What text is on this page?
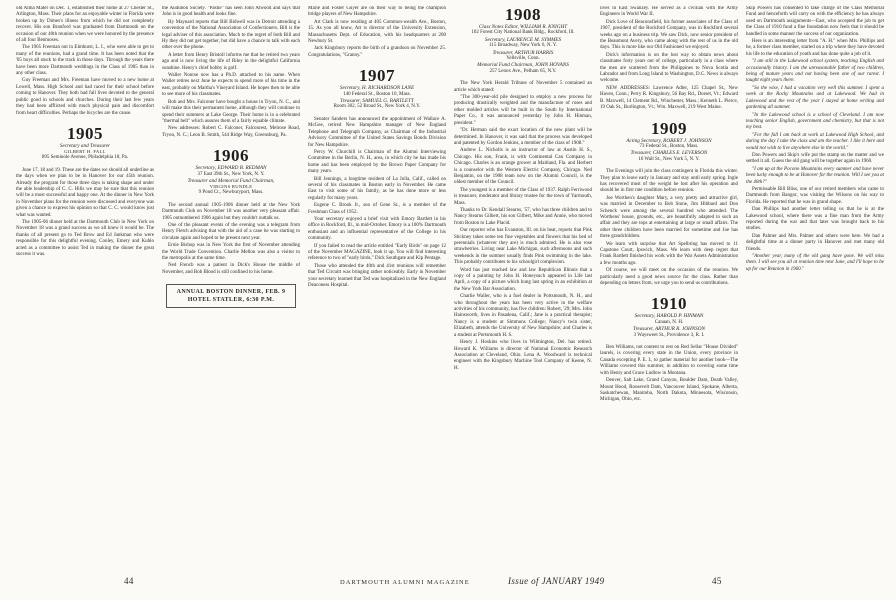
old Alma Mater on Dec. 1, established their home at 27 Chester St., Arlington, Mass. Their plans for an enjoyable winter in Florida were broken up by Dimes's illness from which he did not completely recover. His son Branford was graduated from Dartmouth on the occasion of our 40th reunion when we were honored by the presence of all four Benmoses.

The 1905 Freeman out in Elmhurst, L. I., who were able to get to many of the reunions, had a grand time. It has been noted that the '05 boys all stuck to the track in those days. Through the years there have been more Dartmouth weddings in the Class of 1905 than in any other class.

Guy Freeman and Mrs. Freeman have moved to a new home at Lowell, Mass. High School and had raced for their school before coming to Hanover. They both had fall lives devoted to the general public good in schools and churches. During their last few years they had been afflicted with much physical pain and discomfort from heart difficulties. Perhaps the bicycles are the cause.

1905
Secretary and Treasurer
GILBERT H. FALL
895 Seminole Avenue, Philadelphia 18, Pa.

June 17, 18 and 19. These are the dates we should all underline as the days when we plan to be in Hanover for our 45th reunion. Already the program for those three days is taking shape and under the able leadership of C. C. Hills we may be sure that this reunion will be a most successful and happy one. At the dinner in New York in November plans for the reunion were discussed and everyone was given a chance to express his opinion so that C. C. would know just what was wanted.

The 1905-06 dinner held at the Dartmouth Club in New York on November 18 was a grand success as we all knew it would be. The thanks of all present go to Ted Brow and Ed Jankman who were responsible for this delightful evening. Conley, Emery and Kuhlo acted as a committee to assist Ted in making the dinner the great success it was.

the Audubon Society. "Pastie" has seen John Atwood and says that John is in good health and looks fine.

Hy Maynard reports that Bill Bidwell was in Detroit attending a convention of the National Association of Confectioners. Bill is the legal adviser of this association. Much to the regret of both Bill and Hy they did not get together, but did have a chance to talk with each other over the phone.

A letter from Henry Bristoll informs me that he retired two years ago and is now living the life of Riley in the delightful California sunshine. Henry's chief hobby is golf.

Waller Nourse now has a Ph.D. attached to his name. When Waller retires next June he expects to spend more of his time in the east, probably on Martha's Vineyard Island. He hopes then to be able to see more of his classmates.

Bob and Mrs. Falconer have bought a house in Tryon, N. C., and will make this their permanent home, although they will continue to spend their summers at Lake George. Their home is in a celebrated "thermal belt" which assures them of a fairly equable climate.

New addresses: Robert C. Falconer, Falconrest, Melrose Road, Tryon, N. C.; Leon B. Smith, 544 Ridge Way, Greensburg, Pa.

1906
Secretary, EDWARD B. REDMAN
37 East 39th St., New York, N. Y.
Treasurer and Memorial Fund Chairman,
VIRGINS RUNDLE
9 Pond Ct., Newburyport, Mass.

The second annual 1905-1906 dinner held at the New York Dartmouth Club on November 18 was another very pleasant affair. 1905 outnumbered 1906 again but they couldn't outtalk us.

One of the pleasant events of the evening was a telegram from Henry Fletch advising that with the aid of a cane he was starting to circulate again and hoped to be present next year.

Ernie Bishop was in New York the first of November attending the World Trade Convention. Charlie Mellon was also a visitor to the metropolis at the same time.

Ned French was a patient in Dick's House the middle of November, and Bob Blood is still confined to his home.

ANNUAL BOSTON DINNER, FEB. 9
HOTEL STATLER, 6:30 P.M.

Marie and Foster Guyer are on their way to being the champion bridge players of New Hampshire.

Art Clark is now residing at 405 Common-wealth Ave., Boston, 15. As you all know, Art is director of the University Extension, Massachusetts Dept. of Education, with his headquarters at 200 Newbury St.

Jack Kingsbury reports the birth of a grandson on November 25. Congratulations, "Granny."

1907
Secretary, H. RICHARDSON LANE
140 Federal St., Boston 10, Mass.
Treasurer, SAMUEL G. BARTLETT
Room 302, 52 Broad St., New York 4, N.Y.

Senator Sanders has announced the appointment of Wallace A. McGee, retired New Hampshire manager of New England Telephone and Telegraph Company, as Chairman of the Industrial Advisory Committee of the United States Savings Bonds Division for New Hampshire.

Percy W. Churchill is Chairman of the Alumni Interviewing Committee in the Berlin, N. H., area, in which city he has made his home and has been employed by the Brown Paper Company for many years.

Bill Jennings, a longtime resident of La Jolla, Calif., called on several of his classmates in Boston early in November. He came East to visit some of his family, as he has done more or less regularly for many years.

Eugene C. Brook Jr., son of Gene Sr., is a member of the Freshman Class of 1952.

Your secretary enjoyed a brief visit with Emory Bartlett in his office in Rockford, Ill., in mid-October. Emory is a 100% Dartmouth enthusiast and an influential representative of the College in his community.

If you failed to read the article entitled "Early Birds" on page 12 of the November MAGAZINE, look it up. You will find interesting reference to two of "early birds," Dick Southgate and Kip Pentage.

Those who attended the 40th and 41st reunions will remember that Ted Circuitt was bringing rather noticeably. Early in November your secretary learned that Ted was hospitalized in the New England Deaconess Hospital.

1908
Class Notes Editor, WILLIAM R. KNIGHT
102 Forest City National Bank Bldg., Rockford, Ill.
Secretary, LAURENCE M. SYMMES
115 Broadway, New York 6, N. Y.
Treasurer, ARTHUR HARRIS
Yellsville, Conn.
Memorial Fund Chairman, JOHN HOVANS
257 Lenox Ave., Pelham 65, N.Y.

The New York Herald Tribune of November 5 contained an article which stated:

"The 300-year-old pile designed to employ a new process for producing drastically weighted and the manufacture of roses and other molded articles will be built in the South by International Paper Co., it was announced yesterday by John H. Hinman, president."

"Dr. Herman said the exact location of the new plant will be determined. In Hanover, it was said that the process was developed and patented by Gordon Jenkins, a member of the class of 1908."

Andrew L. Nicholls is an instructor of law at Austin H. S., Chicago. His son, Frank, is with Continental Can Company in Chicago. Charles is an orange grower at Maitland, Fla. and Herbert is a counselor with the Western Electric Company, Chicago. Ned Benjamin, on the 1908 team now on the Alumni Council, is the oldest member of the Council.

The youngest is a member of the Class of 1937. Ralph Ferriwood is treasurer, moderator and library trustee for the town of Yarmouth, Mass.

Thanks to Dr. Kendall Stearns, '57, who has three children and to Nancy Stearns Gilbert, his son Gilbert, Mike and Annie, who moved from Boston to Lake Placid.

Our reporter who has Evanston, Ill. on his beat, reports that Pink Stickney takes some ten fine vegetables and flowers that his bed of perennials (whatever they are) is much admired. He is also rose strawberries. Living near Lake Michigan, such afternoons and such weekends in the summer usually finds Pink swimming in the lake. This probably contributes to his schoolgirl complexion.

Word has just reached law and law Republican Illinois that a copy of a painting by John H. Honeysuch appeared in Life last April, a copy of a picture which hung last spring in an exhibition at the New York Bar Association.

Charlie Waller, who is a fuel dealer in Portsmouth, N. H., and who throughout the years has been very active in the welfare activities of his community, has five children: Robert, '29; Mrs. John Hainsworth, lives in Pasadena, Calif.; Jane is a practical therapist; Nancy is a student at Simmons College; Nancy's twin sister, Elizabeth, attends the University of New Hampshire; and Charles is a student at Portsmouth H. S.

Henry J. Hoskins who lives in Wilmington, Del. has retired. Howard K. Williams is director of National Economic Research Association at Cleveland, Ohio. Lena A. Woodward is technical engineer with the Kingsbury Machine Tool Company of Keene, N. H.

lives in East Swanzey. He served as a civilian with the Army Engineers in World War II.

Dick Love of Beaconsfield, his former associates of the Class of 1907, president of the Rockford Company, was in Rockford several weeks ago on a business trip. We saw Dick, now senior president of the Beaumont Avery, who came along with the rest of us in the old days. This is more like our Old Fashioned we enjoyed.

Dick's information is on the lost way to obtain news about classmates forty years out of college, particularly in a class where the men are scattered from the Philippines to Nova Scotia and Labrador and from Long Island to Washington, D.C. News is always welcome.

NEW ADDRESSES: Lawrence Adler, 125 Chapel St., New Haven, Conn.; Perry R. Kingsbury, 56 Bay Rd., Dorset, Vt.; Edward B. Maxwell, 14 Clement Rd., Winchester, Mass.; Kenneth L. Pierce, 19 Oak St., Burlington, Vt.; Wm. Maxwell, 219 West Maine.

1909
Acting Secretary, ROBERT J. JOHNSON
73 Federal St., Boston, Mass.
Treasurer, CHARLES E. LEVERSON
16 Wall St., New York 5, N. Y.

The Evenings will join the class contingent in Florida this winter. They plan to leave early in January and stay until early spring. Ingle has recovered most of the weight he lost after his operation and should be in first rate condition before reunion.

Joe Worthen's daughter Mary, a very pretty and attractive girl, was married in December to Bob Stone, Jim Hibbard and Don Schenck were among the several hundred who attended. The Worthens' house, grounds, etc., are beautifully adapted to such an affair and they are tops at entertaining at large or small affairs. The other three children have been married for sometime and Joe has three grandchildren.

We learn with surprise that Art Spelbring has moved to 11 Capstone Court, Ipswich, Mass. We learn with deep regret that Frank Bartlett finished his work with the War Assets Administration a few months ago.

Of course, we will meet on the occasion of the reunion. We particularly need a good news source for the class. Rather than depending on letters from, we urge you to send us contributions.

1910
Secretary, HAROLD P. HINMAN
Canaan, N. H.
Treasurer, ARTHUR R. JOHNSON
3 Waysweet St., Providence 3, R. I.

Ben Williams, not content to rest on Red Sellar "House Divided" laurels, is covering every state in the Union, every province in Canada excepting P. E. I., to gather material for another book—The Williams covered this summer, in addition to covering some time with Henry and Grace Ludlow in Montana.

Denver, Salt Lake, Grand Canyon, Boulder Dam, Death Valley, Mount Hood, Roosevelt Dam, Vancouver Island, Spokane, Alberta, Saskatchewan, Manitoba, North Dakota, Minnesota, Wisconsin, Michigan, Ohio, etc.

Skip Powers has consented to take charge of the Class Memorial Fund and henceforth will carry on with the efficiency he has always used on Dartmouth assignments—East, who accepted the job to get the Class of 1910 fund a fine foundation now feels that it should be handled in some manner the success of our organization.

Here is an interesting letter from "A. H." when Mrs. Phillips and he, a former class member, started on a trip where they have devoted his life to the education of youth and has done quite a job of it.

"I am still in the Lakewood school system, teaching English and occasionally history. I am the unreasonable father of two children, being of mature years and not having been one of our rarest. I taught eight years there.

"So the wise, I had a vacation very well this summer. I spent a week at the Rocky Mountains and at Lakewood. We had in Lakewood and the rest of the year I stayed at home writing and gardening all summer.

"In the Lakewood school is a school of Cleveland. I am now teaching senior English, government and chemistry, but that is not my best.

"For the fall I am back at work at Lakewood High School, and during the day I take the class and am the teacher. I like it here and would not wish to live anywhere else in the world."

Don Powers and Skip's wife put the stamp on the matter and we settled it all. Guess the old gang will be together again in 1960.

"I am up at the Pocono Mountains every summer and have never been lucky enough to be at Hanover for the reunion. Will I see you at the 40th?"

Permissable Bill Bliss, one of our retired members who came to Dartmouth from Bangor, was visiting the Wilsons on his way to Florida. He reported that he was in grand shape.

Dan Phillips had another letter telling us that he is at the Lakewood school, where there was a fine man from the Army reported during the war and that later was brought back to his studies.

Dan Palmer and Mrs. Palmer and others were here. We had a delightful time at a dinner party in Hanover and met many old friends.

"Another year, many of the old gang have gone. We will miss them. I will see you all at reunion time next June, and I'll hope to be up for our Reunion in 1960."

44	DARTMOUTH ALUMNI MAGAZINE	Issue of JANUARY 1949	45
